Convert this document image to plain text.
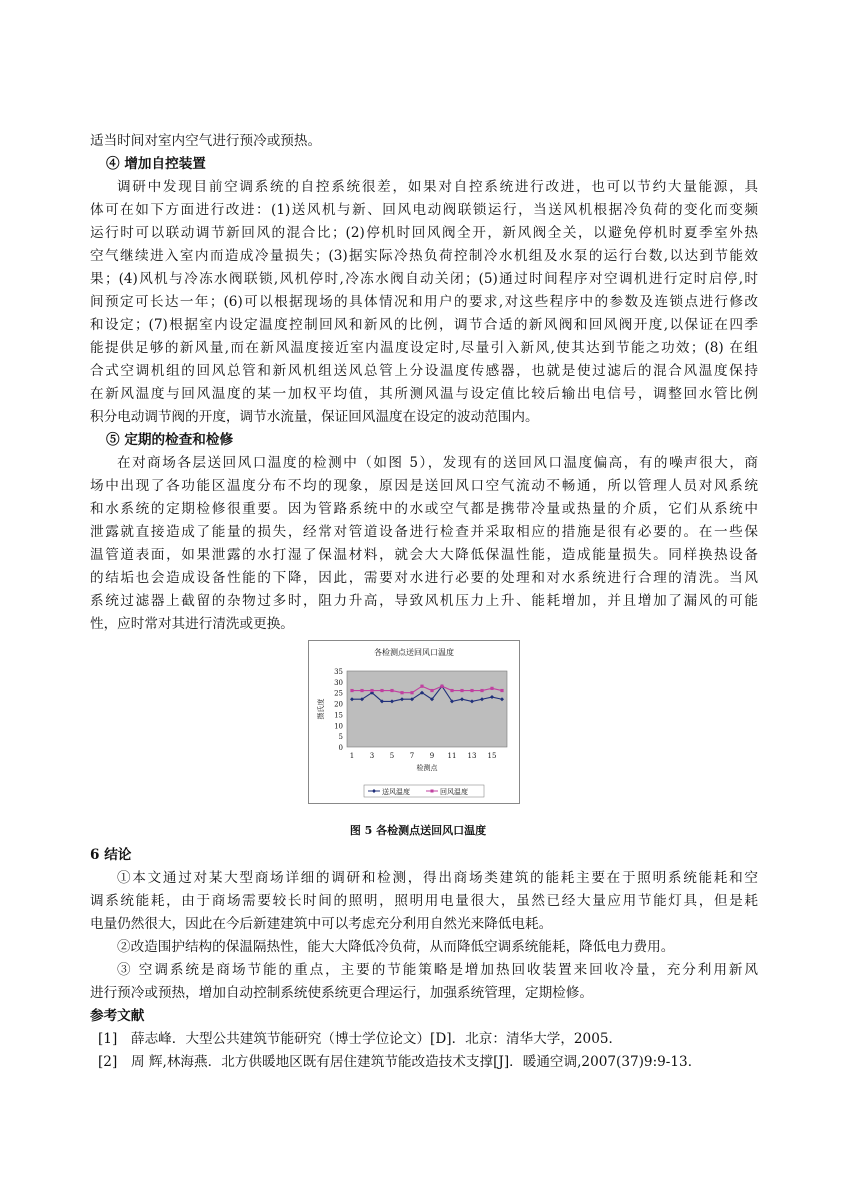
适当时间对室内空气进行预冷或预热。
④ 增加自控装置
调研中发现目前空调系统的自控系统很差，如果对自控系统进行改进，也可以节约大量能源，具
体可在如下方面进行改进：(1)送风机与新、回风电动阀联锁运行，当送风机根据冷负荷的变化而变频
运行时可以联动调节新回风的混合比；(2)停机时回风阀全开，新风阀全关，以避免停机时夏季室外热
空气继续进入室内而造成冷量损失；(3)据实际冷热负荷控制冷水机组及水泵的运行台数,以达到节能效
果；(4)风机与冷冻水阀联锁,风机停时,冷冻水阀自动关闭；(5)通过时间程序对空调机进行定时启停,时
间预定可长达一年；(6)可以根据现场的具体情况和用户的要求,对这些程序中的参数及连锁点进行修改
和设定；(7)根据室内设定温度控制回风和新风的比例，调节合适的新风阀和回风阀开度,以保证在四季
能提供足够的新风量,而在新风温度接近室内温度设定时,尽量引入新风,使其达到节能之功效；(8) 在组
合式空调机组的回风总管和新风机组送风总管上分设温度传感器，也就是使过滤后的混合风温度保持
在新风温度与回风温度的某一加权平均值，其所测风温与设定值比较后输出电信号，调整回水管比例
积分电动调节阀的开度，调节水流量，保证回风温度在设定的波动范围内。
⑤ 定期的检查和检修
在对商场各层送回风口温度的检测中（如图 5），发现有的送回风口温度偏高，有的噪声很大，商
场中出现了各功能区温度分布不均的现象，原因是送回风口空气流动不畅通，所以管理人员对风系统
和水系统的定期检修很重要。因为管路系统中的水或空气都是携带冷量或热量的介质，它们从系统中
泄露就直接造成了能量的损失，经常对管道设备进行检查并采取相应的措施是很有必要的。在一些保
温管道表面，如果泄露的水打湿了保温材料，就会大大降低保温性能，造成能量损失。同样换热设备
的结垢也会造成设备性能的下降，因此，需要对水进行必要的处理和对水系统进行合理的清洗。当风
系统过滤器上截留的杂物过多时，阻力升高，导致风机压力上升、能耗增加，并且增加了漏风的可能
性，应时常对其进行清洗或更换。
各检测点送回风口温度
35
30
25
20
15
10
5
0
1 3 5 7 9 11 13 15
检测点
摄氏度
送风温度	回风温度
图 5 各检测点送回风口温度
6 结论
①本文通过对某大型商场详细的调研和检测，得出商场类建筑的能耗主要在于照明系统能耗和空
调系统能耗，由于商场需要较长时间的照明，照明用电量很大，虽然已经大量应用节能灯具，但是耗
电量仍然很大，因此在今后新建建筑中可以考虑充分利用自然光来降低电耗。
②改造围护结构的保温隔热性，能大大降低冷负荷，从而降低空调系统能耗，降低电力费用。
③ 空调系统是商场节能的重点，主要的节能策略是增加热回收装置来回收冷量，充分利用新风
进行预冷或预热，增加自动控制系统使系统更合理运行，加强系统管理，定期检修。
参考文献
[1] 薛志峰．大型公共建筑节能研究（博士学位论文）[D]．北京：清华大学，2005．
[2] 周 辉,林海燕．北方供暖地区既有居住建筑节能改造技术支撑[J]．暖通空调,2007(37)9:9-13．
